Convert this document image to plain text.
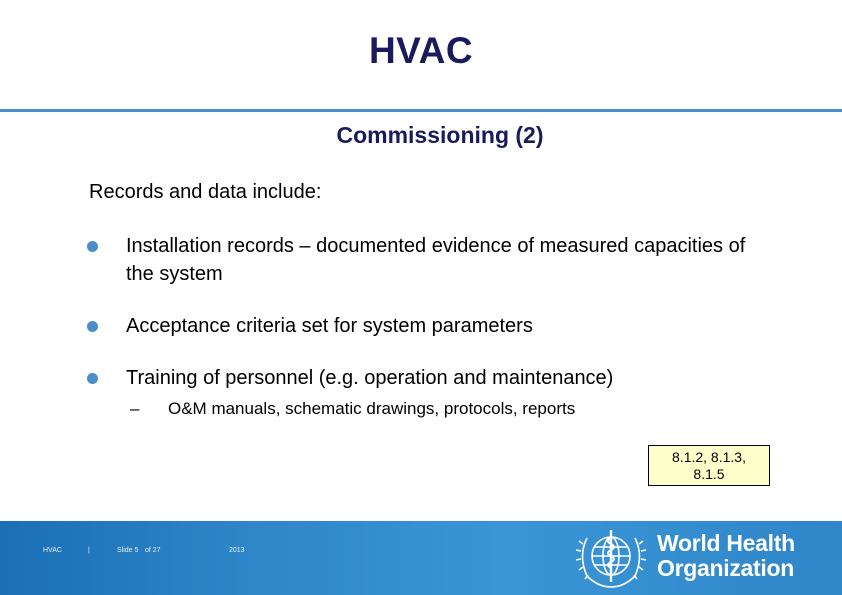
HVAC
Commissioning (2)
Records and data include:
Installation records – documented evidence of measured capacities of the system
Acceptance criteria set for system parameters
Training of personnel (e.g. operation and maintenance)
– O&M manuals, schematic drawings, protocols, reports
8.1.2, 8.1.3,
8.1.5
HVAC	|	Slide 5 of 27	2013	World Health
Organization
